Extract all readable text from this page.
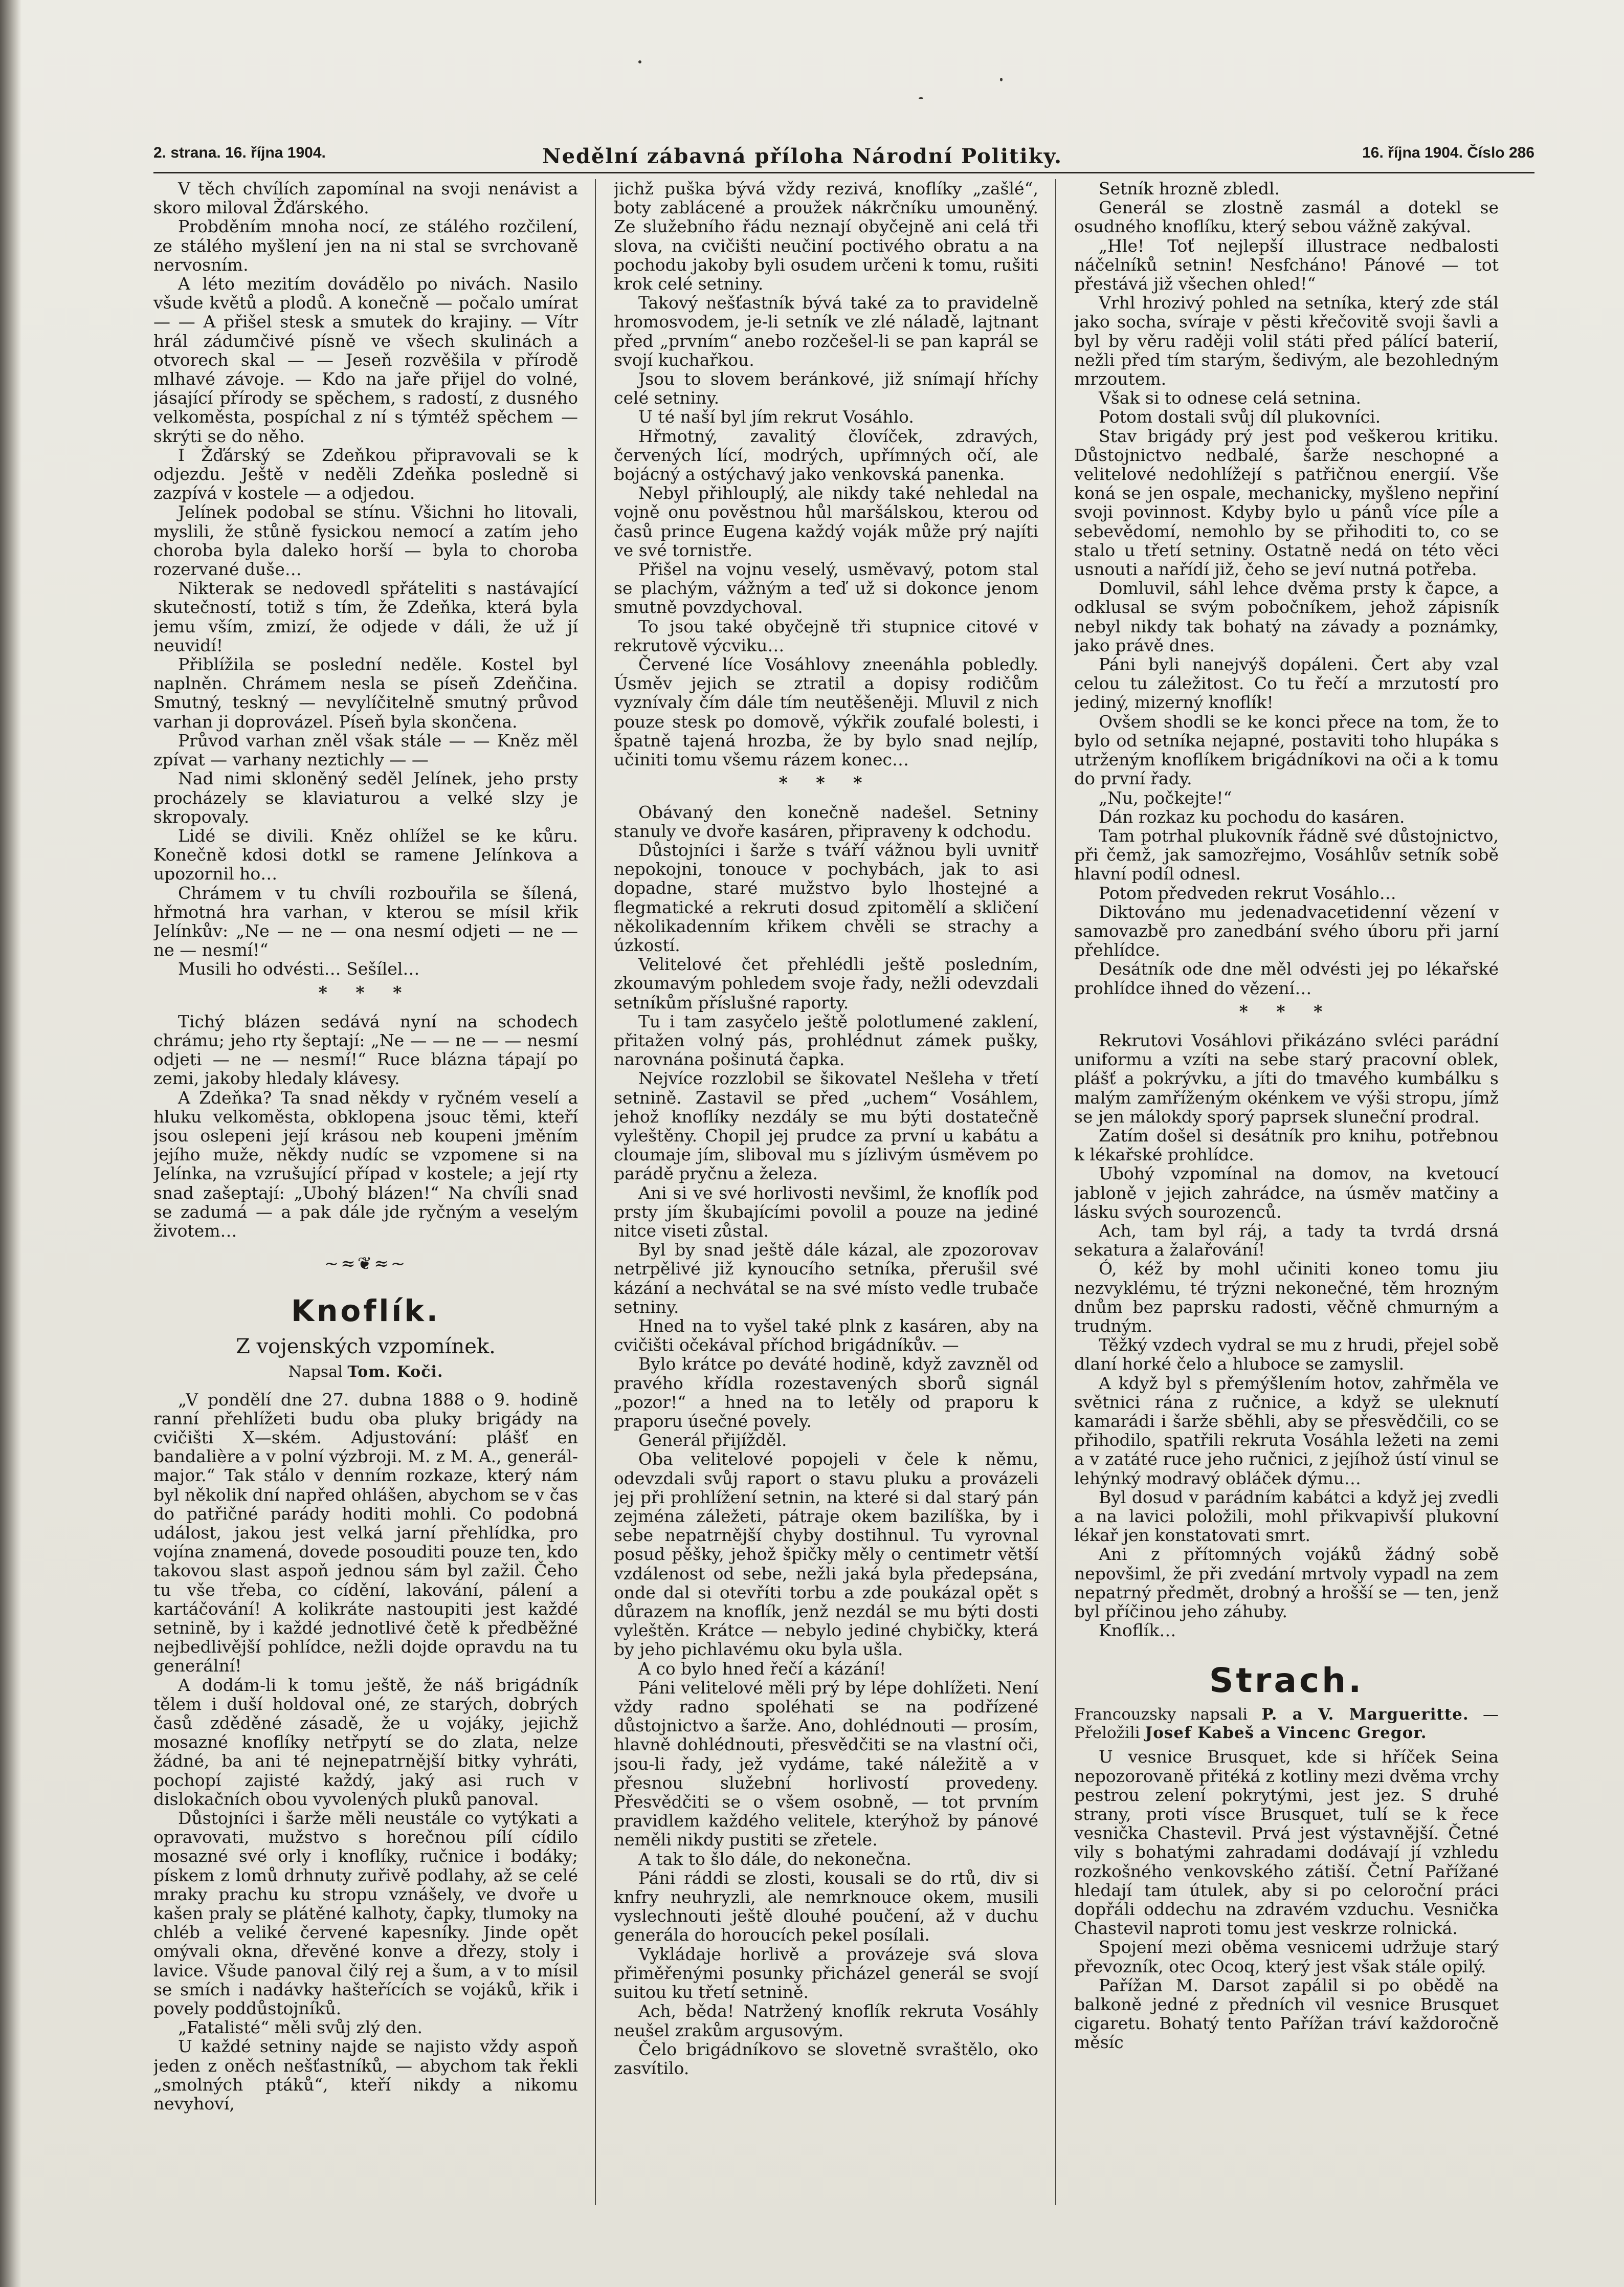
2. strana. 16. října 1904.	Nedělní zábavná příloha Národní Politiky.	16. října 1904. Číslo 286

V těch chvílích zapomínal na svoji nenávist a skoro miloval Žďárského.

Probděním mnoha nocí, ze stálého rozčilení, ze stálého myšlení jen na ni stal se svrchovaně nervosním.

A léto mezitím dovádělo po nivách. Nasilo všude květů a plodů. A konečně — počalo umírat — — A přišel stesk a smutek do krajiny. — Vítr hrál zádumčivé písně ve všech skulinách a otvorech skal — — Jeseň rozvěšila v přírodě mlhavé závoje. — Kdo na jaře přijel do volné, jásající přírody se spěchem, s radostí, z dusného velkoměsta, pospíchal z ní s týmtéž spěchem — skrýti se do něho.

I Žďárský se Zdeňkou připravovali se k odjezdu. Ještě v neděli Zdeňka posledně si zazpívá v kostele — a odjedou.

Jelínek podobal se stínu. Všichni ho litovali, myslili, že stůně fysickou nemocí a zatím jeho choroba byla daleko horší — byla to choroba rozervané duše…

Nikterak se nedovedl spřáteliti s nastávající skutečností, totiž s tím, že Zdeňka, která byla jemu vším, zmizí, že odjede v dáli, že už jí neuvidí!

Přiblížila se poslední neděle. Kostel byl naplněn. Chrámem nesla se píseň Zdeňčina. Smutný, teskný — nevylíčitelně smutný průvod varhan ji doprovázel. Píseň byla skončena.

Průvod varhan zněl však stále — — Kněz měl zpívat — varhany neztichly — —

Nad nimi skloněný seděl Jelínek, jeho prsty procházely se klaviaturou a velké slzy je skropovaly.

Lidé se divili. Kněz ohlížel se ke kůru. Konečně kdosi dotkl se ramene Jelínkova a upozornil ho…

Chrámem v tu chvíli rozbouřila se šílená, hřmotná hra varhan, v kterou se mísil křik Jelínkův: „Ne — ne — ona nesmí odjeti — ne — ne — nesmí!“

Musili ho odvésti… Sešílel…

* * *

Tichý blázen sedává nyní na schodech chrámu; jeho rty šeptají: „Ne — — ne — — nesmí odjeti — ne — nesmí!“ Ruce blázna tápají po zemi, jakoby hledaly klávesy.

A Zdeňka? Ta snad někdy v ryčném veselí a hluku velkoměsta, obklopena jsouc těmi, kteří jsou oslepeni její krásou neb koupeni jměním jejího muže, někdy nudíc se vzpomene si na Jelínka, na vzrušující případ v kostele; a její rty snad zašeptají: „Ubohý blázen!“ Na chvíli snad se zadumá — a pak dále jde ryčným a veselým životem…

~≈❦≈~
Knoflík.
Z vojenských vzpomínek.
Napsal Tom. Koči.

„V pondělí dne 27. dubna 1888 o 9. hodině ranní přehlížeti budu oba pluky brigády na cvičišti X—ském. Adjustování: plášť en bandalière a v polní výzbroji. M. z M. A., generál-major.“ Tak stálo v denním rozkaze, který nám byl několik dní napřed ohlášen, abychom se v čas do patřičné parády hoditi mohli. Co podobná událost, jakou jest velká jarní přehlídka, pro vojína znamená, dovede posouditi pouze ten, kdo takovou slast aspoň jednou sám byl zažil. Čeho tu vše třeba, co cídění, lakování, pálení a kartáčování! A kolikráte nastoupiti jest každé setnině, by i každé jednotlivé četě k předběžné nejbedlivější pohlídce, nežli dojde opravdu na tu generální!

A dodám-li k tomu ještě, že náš brigádník tělem i duší holdoval oné, ze starých, dobrých časů zděděné zásadě, že u vojáky, jejichž mosazné knoflíky netřpytí se do zlata, nelze žádné, ba ani té nejnepatrnější bitky vyhráti, pochopí zajisté každý, jaký asi ruch v dislokačních obou vyvolených pluků panoval.

Důstojníci i šarže měli neustále co vytýkati a opravovati, mužstvo s horečnou pílí cídilo mosazné své orly i knoflíky, ručnice i bodáky; pískem z lomů drhnuty zuřivě podlahy, až se celé mraky prachu ku stropu vznášely, ve dvoře u kašen praly se plátěné kalhoty, čapky, tlumoky na chléb a veliké červené kapesníky. Jinde opět omývali okna, dřevěné konve a dřezy, stoly i lavice. Všude panoval čilý rej a šum, a v to mísil se smích i nadávky hašteřících se vojáků, křik i povely poddůstojníků.

„Fatalisté“ měli svůj zlý den.

U každé setniny najde se najisto vždy aspoň jeden z oněch nešťastníků, — abychom tak řekli „smolných ptáků“, kteří nikdy a nikomu nevyhoví,

jichž puška bývá vždy rezivá, knoflíky „zašlé“, boty zablácené a proužek nákrčníku umouněný. Ze služebního řádu neznají obyčejně ani celá tři slova, na cvičišti neučiní poctivého obratu a na pochodu jakoby byli osudem určeni k tomu, rušiti krok celé setniny.

Takový nešťastník bývá také za to pravidelně hromosvodem, je-li setník ve zlé náladě, lajtnant před „prvním“ anebo rozčešel-li se pan kaprál se svojí kuchařkou.

Jsou to slovem beránkové, již snímají hříchy celé setniny.

U té naší byl jím rekrut Vosáhlo.

Hřmotný, zavalitý človíček, zdravých, červených lící, modrých, upřímných očí, ale bojácný a ostýchavý jako venkovská panenka.

Nebyl přihlouplý, ale nikdy také nehledal na vojně onu pověstnou hůl maršálskou, kterou od časů prince Eugena každý voják může prý najíti ve své tornistře.

Přišel na vojnu veselý, usměvavý, potom stal se plachým, vážným a teď už si dokonce jenom smutně povzdychoval.

To jsou také obyčejně tři stupnice citové v rekrutově výcviku…

Červené líce Vosáhlovy zneenáhla pobledly. Úsměv jejich se ztratil a dopisy rodičům vyznívaly čím dále tím neutěšeněji. Mluvil z nich pouze stesk po domově, výkřik zoufalé bolesti, i špatně tajená hrozba, že by bylo snad nejlíp, učiniti tomu všemu rázem konec…

* * *

Obávaný den konečně nadešel. Setniny stanuly ve dvoře kasáren, připraveny k odchodu.

Důstojníci i šarže s tváří vážnou byli uvnitř nepokojni, tonouce v pochybách, jak to asi dopadne, staré mužstvo bylo lhostejné a flegmatické a rekruti dosud zpitomělí a skličení několikadenním křikem chvěli se strachy a úzkostí.

Velitelové čet přehlédli ještě posledním, zkoumavým pohledem svoje řady, nežli odevzdali setníkům příslušné raporty.

Tu i tam zasyčelo ještě polotlumené zaklení, přitažen volný pás, prohlédnut zámek pušky, narovnána pošinutá čapka.

Nejvíce rozzlobil se šikovatel Nešleha v třetí setnině. Zastavil se před „uchem“ Vosáhlem, jehož knoflíky nezdály se mu býti dostatečně vyleštěny. Chopil jej prudce za první u kabátu a cloumaje jím, sliboval mu s jízlivým úsměvem po parádě pryčnu a železa.

Ani si ve své horlivosti nevšiml, že knoflík pod prsty jím škubajícími povolil a pouze na jediné nitce viseti zůstal.

Byl by snad ještě dále kázal, ale zpozorovav netrpělivé již kynoucího setníka, přerušil své kázání a nechvátal se na své místo vedle trubače setniny.

Hned na to vyšel také plnk z kasáren, aby na cvičišti očekával příchod brigádníkův. —

Bylo krátce po deváté hodině, když zavzněl od pravého křídla rozestavených sborů signál „pozor!“ a hned na to letěly od praporu k praporu úsečné povely.

Generál přijížděl.

Oba velitelové popojeli v čele k němu, odevzdali svůj raport o stavu pluku a provázeli jej při prohlížení setnin, na které si dal starý pán zejména záležeti, pátraje okem bazilíška, by i sebe nepatrnější chyby dostihnul. Tu vyrovnal posud pěšky, jehož špičky měly o centimetr větší vzdálenost od sebe, nežli jaká byla předepsána, onde dal si otevříti torbu a zde poukázal opět s důrazem na knoflík, jenž nezdál se mu býti dosti vyleštěn. Krátce — nebylo jediné chybičky, která by jeho pichlavému oku byla ušla.

A co bylo hned řečí a kázání!

Páni velitelové měli prý by lépe dohlížeti. Není vždy radno spoléhati se na podřízené důstojnictvo a šarže. Ano, dohlédnouti — prosím, hlavně dohlédnouti, přesvědčiti se na vlastní oči, jsou-li řady, jež vydáme, také náležitě a v přesnou služební horlivostí provedeny. Přesvědčiti se o všem osobně, — tot prvním pravidlem každého velitele, kterýhož by pánové neměli nikdy pustiti se zřetele.

A tak to šlo dále, do nekonečna.

Páni ráddi se zlosti, kousali se do rtů, div si knfry neuhryzli, ale nemrknouce okem, musili vyslechnouti ještě dlouhé poučení, až v duchu generála do horoucích pekel posílali.

Vykládaje horlivě a provázeje svá slova přiměřenými posunky přicházel generál se svojí suitou ku třetí setnině.

Ach, běda! Natržený knoflík rekruta Vosáhly neušel zrakům argusovým.

Čelo brigádníkovo se slovetně svraštělo, oko zasvítilo.

Setník hrozně zbledl.

Generál se zlostně zasmál a dotekl se osudného knoflíku, který sebou vážně zakýval.

„Hle! Toť nejlepší illustrace nedbalosti náčelníků setnin! Nesfcháno! Pánové — tot přestává již všechen ohled!“

Vrhl hrozivý pohled na setníka, který zde stál jako socha, svíraje v pěsti křečovitě svoji šavli a byl by věru raději volil státi před pálící baterií, nežli před tím starým, šedivým, ale bezohledným mrzoutem.

Však si to odnese celá setnina.

Potom dostali svůj díl plukovníci.

Stav brigády prý jest pod veškerou kritiku. Důstojnictvo nedbalé, šarže neschopné a velitelové nedohlížejí s patřičnou energií. Vše koná se jen ospale, mechanicky, myšleno nepřiní svoji povinnost. Kdyby bylo u pánů více píle a sebevědomí, nemohlo by se přihoditi to, co se stalo u třetí setniny. Ostatně nedá on této věci usnouti a nařídí již, čeho se jeví nutná potřeba.

Domluvil, sáhl lehce dvěma prsty k čapce, a odklusal se svým pobočníkem, jehož zápisník nebyl nikdy tak bohatý na závady a poznámky, jako právě dnes.

Páni byli nanejvýš dopáleni. Čert aby vzal celou tu záležitost. Co tu řečí a mrzutostí pro jediný, mizerný knoflík!

Ovšem shodli se ke konci přece na tom, že to bylo od setníka nejapné, postaviti toho hlupáka s utrženým knoflíkem brigádníkovi na oči a k tomu do první řady.

„Nu, počkejte!“

Dán rozkaz ku pochodu do kasáren.

Tam potrhal plukovník řádně své důstojnictvo, při čemž, jak samozřejmo, Vosáhlův setník sobě hlavní podíl odnesl.

Potom předveden rekrut Vosáhlo…

Diktováno mu jedenadvacetidenní vězení v samovazbě pro zanedbání svého úboru při jarní přehlídce.

Desátník ode dne měl odvésti jej po lékařské prohlídce ihned do vězení…

* * *

Rekrutovi Vosáhlovi přikázáno svléci parádní uniformu a vzíti na sebe starý pracovní oblek, plášť a pokrývku, a jíti do tmavého kumbálku s malým zamříženým okénkem ve výši stropu, jímž se jen málokdy sporý paprsek sluneční prodral.

Zatím došel si desátník pro knihu, potřebnou k lékařské prohlídce.

Ubohý vzpomínal na domov, na kvetoucí jabloně v jejich zahrádce, na úsměv matčiny a lásku svých sourozenců.

Ach, tam byl ráj, a tady ta tvrdá drsná sekatura a žalařování!

Ó, kéž by mohl učiniti koneo tomu jiu nezvyklému, té trýzni nekonečné, těm hrozným dnům bez paprsku radosti, věčně chmurným a trudným.

Těžký vzdech vydral se mu z hrudi, přejel sobě dlaní horké čelo a hluboce se zamyslil.

A když byl s přemýšlením hotov, zahřměla ve světnici rána z ručnice, a když se uleknutí kamarádi i šarže sběhli, aby se přesvědčili, co se přihodilo, spatřili rekruta Vosáhla ležeti na zemi a v zatáté ruce jeho ručnici, z jejíhož ústí vinul se lehýnký modravý obláček dýmu…

Byl dosud v parádním kabátci a když jej zvedli a na lavici položili, mohl přikvapivší plukovní lékař jen konstatovati smrt.

Ani z přítomných vojáků žádný sobě nepovšiml, že při zvedání mrtvoly vypadl na zem nepatrný předmět, drobný a hrošší se — ten, jenž byl příčinou jeho záhuby.

Knoflík…

Strach.
Francouzsky napsali P. a V. Margueritte. — Přeložili Josef Kabeš a Vincenc Gregor.

U vesnice Brusquet, kde si hříček Seina nepozorovaně přitéká z kotliny mezi dvěma vrchy pestrou zelení pokrytými, jest jez. S druhé strany, proti vísce Brusquet, tulí se k řece vesnička Chastevil. Prvá jest výstavnější. Četné vily s bohatými zahradami dodávají jí vzhledu rozkošného venkovského zátiší. Četní Pařížané hledají tam útulek, aby si po celoroční práci dopřáli oddechu na zdravém vzduchu. Vesnička Chastevil naproti tomu jest veskrze rolnická.

Spojení mezi oběma vesnicemi udržuje starý převozník, otec Ocoq, který jest však stále opilý.

Pařížan M. Darsot zapálil si po obědě na balkoně jedné z předních vil vesnice Brusquet cigaretu. Bohatý tento Pařížan tráví každoročně měsíc
